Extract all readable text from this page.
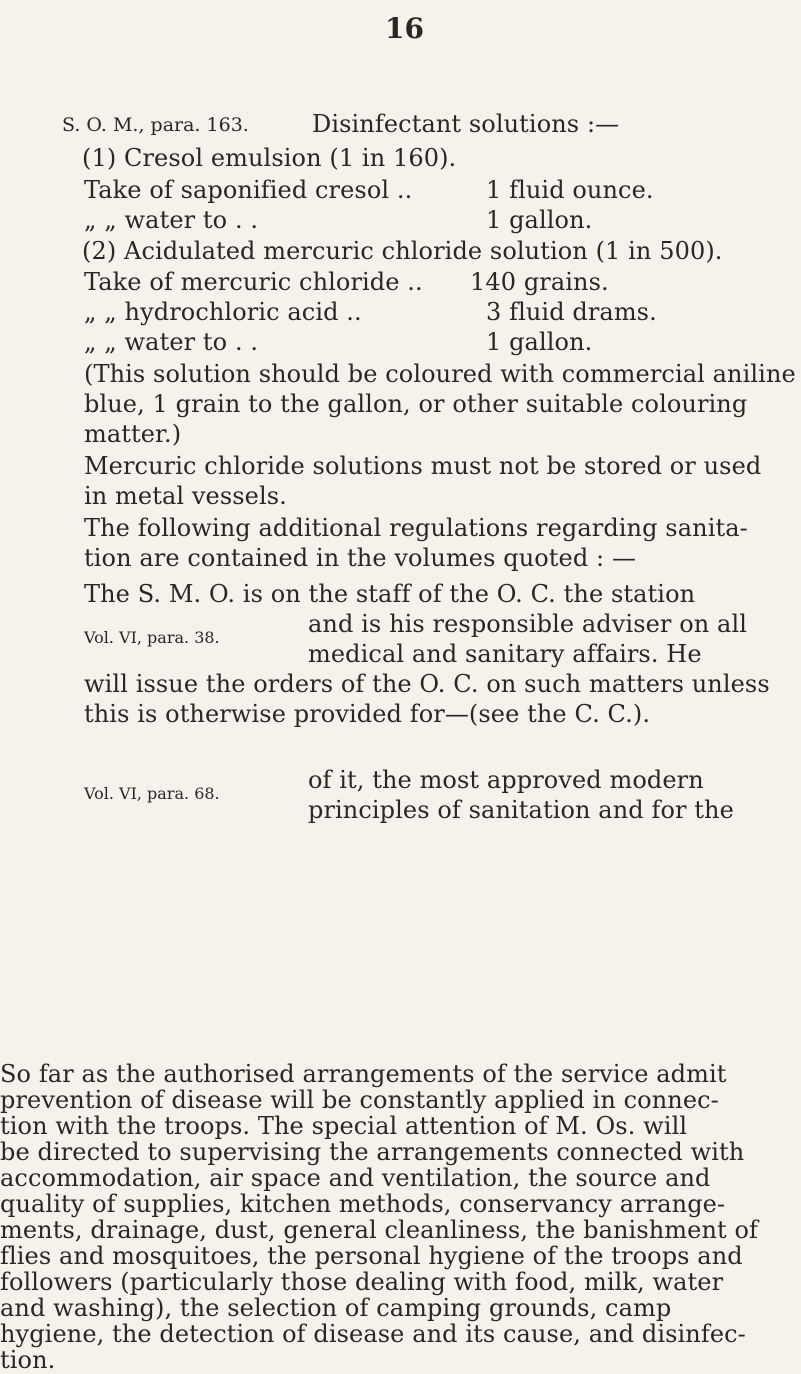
16
S. O. M., para. 163.	Disinfectant solutions :—
(1) Cresol emulsion (1 in 160).
Take of saponified cresol ..	1 fluid ounce.
„ „ water to . .	1 gallon.
(2) Acidulated mercuric chloride solution (1 in 500).
Take of mercuric chloride .. 140 grains.
„ „ hydrochloric acid ..	3 fluid drams.
„ „ water to . .	1 gallon.
(This solution should be coloured with commercial aniline
blue, 1 grain to the gallon, or other suitable colouring
matter.)
Mercuric chloride solutions must not be stored or used
in metal vessels.
The following additional regulations regarding sanita-
tion are contained in the volumes quoted : —
The S. M. O. is on the staff of the O. C. the station
Vol. VI, para. 38.	and is his responsible adviser on all
medical and sanitary affairs. He
will issue the orders of the O. C. on such matters unless
this is otherwise provided for—(see the C. C.).
Vol. VI, para. 68.	of it, the most approved modern
principles of sanitation and for the
So far as the authorised arrangements of the service admit
prevention of disease will be constantly applied in connec-
tion with the troops. The special attention of M. Os. will
be directed to supervising the arrangements connected with
accommodation, air space and ventilation, the source and
quality of supplies, kitchen methods, conservancy arrange-
ments, drainage, dust, general cleanliness, the banishment of
flies and mosquitoes, the personal hygiene of the troops and
followers (particularly those dealing with food, milk, water
and washing), the selection of camping grounds, camp
hygiene, the detection of disease and its cause, and disinfec-
tion.
